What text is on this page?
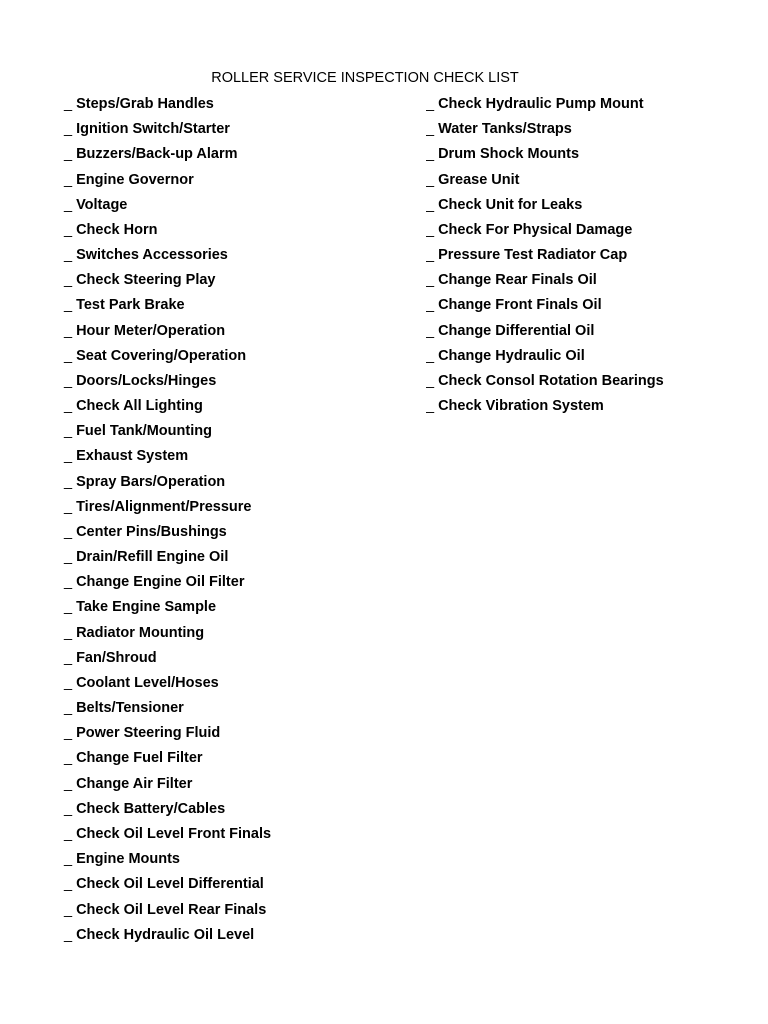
ROLLER SERVICE INSPECTION CHECK LIST
_ Steps/Grab Handles
_ Ignition Switch/Starter
_ Buzzers/Back-up Alarm
_ Engine Governor
_ Voltage
_ Check Horn
_ Switches Accessories
_ Check Steering Play
_ Test Park Brake
_ Hour Meter/Operation
_ Seat Covering/Operation
_ Doors/Locks/Hinges
_ Check All Lighting
_ Fuel Tank/Mounting
_ Exhaust System
_ Spray Bars/Operation
_ Tires/Alignment/Pressure
_ Center Pins/Bushings
_ Drain/Refill Engine Oil
_ Change Engine Oil Filter
_ Take Engine Sample
_ Radiator Mounting
_ Fan/Shroud
_ Coolant Level/Hoses
_ Belts/Tensioner
_ Power Steering Fluid
_ Change Fuel Filter
_ Change Air Filter
_ Check Battery/Cables
_ Check Oil Level Front Finals
_ Engine Mounts
_ Check Oil Level Differential
_ Check Oil Level Rear Finals
_ Check Hydraulic Oil Level
_ Check Hydraulic Pump Mount
_ Water Tanks/Straps
_ Drum Shock Mounts
_ Grease Unit
_ Check Unit for Leaks
_ Check For Physical Damage
_ Pressure Test Radiator Cap
_ Change Rear Finals Oil
_ Change Front Finals Oil
_ Change Differential Oil
_ Change Hydraulic Oil
_ Check Consol Rotation Bearings
_ Check Vibration System
